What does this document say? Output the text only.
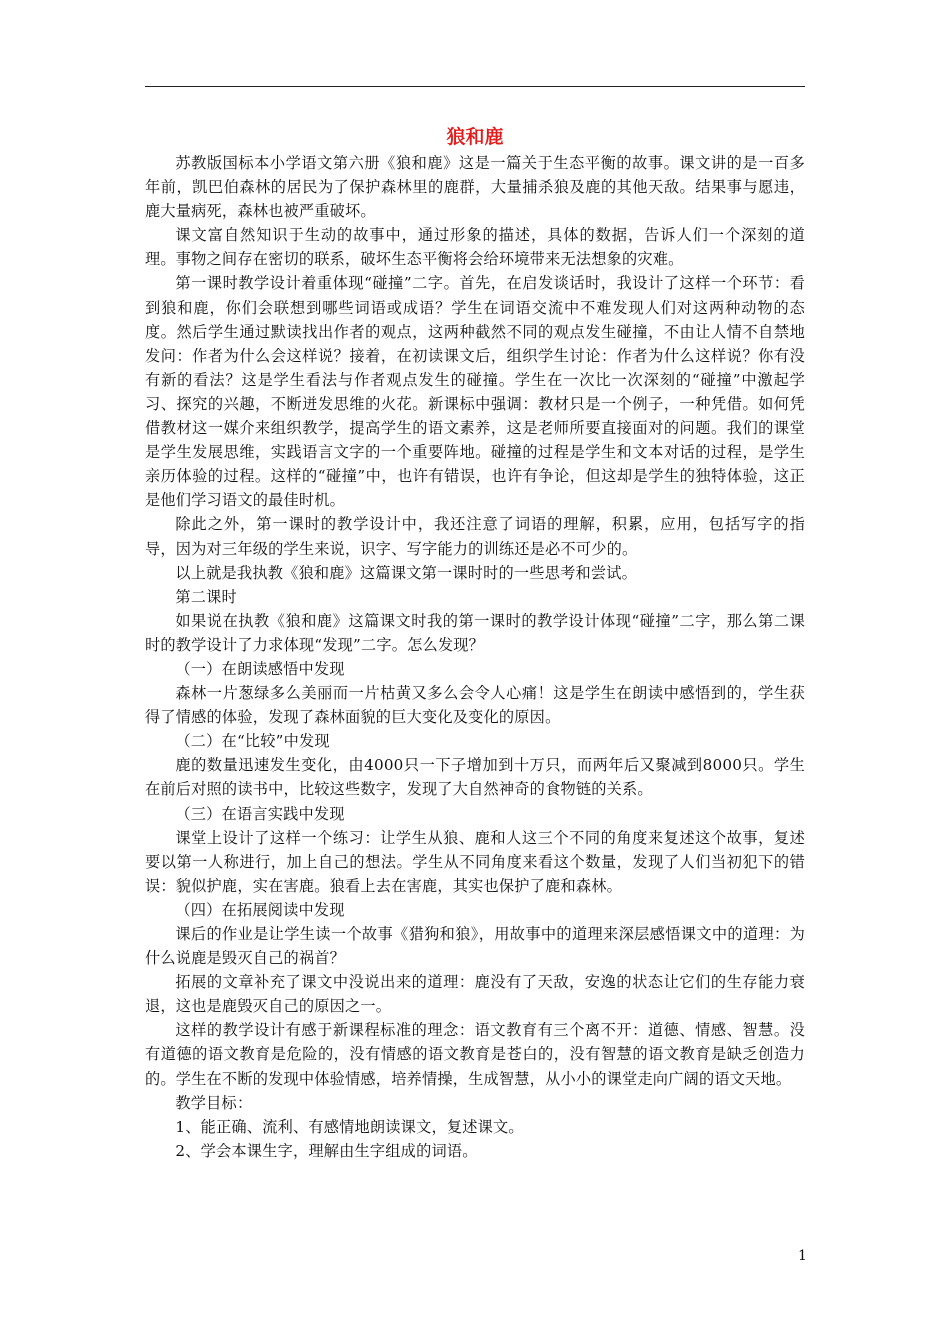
狼和鹿

苏教版国标本小学语文第六册《狼和鹿》这是一篇关于生态平衡的故事。课文讲的是一百多年前，凯巴伯森林的居民为了保护森林里的鹿群，大量捕杀狼及鹿的其他天敌。结果事与愿违，鹿大量病死，森林也被严重破坏。

课文富自然知识于生动的故事中，通过形象的描述，具体的数据，告诉人们一个深刻的道理。事物之间存在密切的联系，破坏生态平衡将会给环境带来无法想象的灾难。

第一课时教学设计着重体现“碰撞”二字。首先，在启发谈话时，我设计了这样一个环节：看到狼和鹿，你们会联想到哪些词语或成语？学生在词语交流中不难发现人们对这两种动物的态度。然后学生通过默读找出作者的观点，这两种截然不同的观点发生碰撞，不由让人情不自禁地发问：作者为什么会这样说？接着，在初读课文后，组织学生讨论：作者为什么这样说？你有没有新的看法？这是学生看法与作者观点发生的碰撞。学生在一次比一次深刻的“碰撞”中激起学习、探究的兴趣，不断迸发思维的火花。新课标中强调：教材只是一个例子，一种凭借。如何凭借教材这一媒介来组织教学，提高学生的语文素养，这是老师所要直接面对的问题。我们的课堂是学生发展思维，实践语言文字的一个重要阵地。碰撞的过程是学生和文本对话的过程，是学生亲历体验的过程。这样的“碰撞”中，也许有错误，也许有争论，但这却是学生的独特体验，这正是他们学习语文的最佳时机。

除此之外，第一课时的教学设计中，我还注意了词语的理解，积累，应用，包括写字的指导，因为对三年级的学生来说，识字、写字能力的训练还是必不可少的。

以上就是我执教《狼和鹿》这篇课文第一课时时的一些思考和尝试。

第二课时

如果说在执教《狼和鹿》这篇课文时我的第一课时的教学设计体现“碰撞”二字，那么第二课时的教学设计了力求体现“发现”二字。怎么发现？

（一）在朗读感悟中发现

森林一片葱绿多么美丽而一片枯黄又多么会令人心痛！这是学生在朗读中感悟到的，学生获得了情感的体验，发现了森林面貌的巨大变化及变化的原因。

（二）在“比较”中发现

鹿的数量迅速发生变化，由4000只一下子增加到十万只，而两年后又聚减到8000只。学生在前后对照的读书中，比较这些数字，发现了大自然神奇的食物链的关系。

（三）在语言实践中发现

课堂上设计了这样一个练习：让学生从狼、鹿和人这三个不同的角度来复述这个故事，复述要以第一人称进行，加上自己的想法。学生从不同角度来看这个数量，发现了人们当初犯下的错误：貌似护鹿，实在害鹿。狼看上去在害鹿，其实也保护了鹿和森林。

（四）在拓展阅读中发现

课后的作业是让学生读一个故事《猎狗和狼》，用故事中的道理来深层感悟课文中的道理：为什么说鹿是毁灭自己的祸首？

拓展的文章补充了课文中没说出来的道理：鹿没有了天敌，安逸的状态让它们的生存能力衰退，这也是鹿毁灭自己的原因之一。

这样的教学设计有感于新课程标准的理念：语文教育有三个离不开：道德、情感、智慧。没有道德的语文教育是危险的，没有情感的语文教育是苍白的，没有智慧的语文教育是缺乏创造力的。学生在不断的发现中体验情感，培养情操，生成智慧，从小小的课堂走向广阔的语文天地。

教学目标：

1、能正确、流利、有感情地朗读课文，复述课文。

2、学会本课生字，理解由生字组成的词语。

1
